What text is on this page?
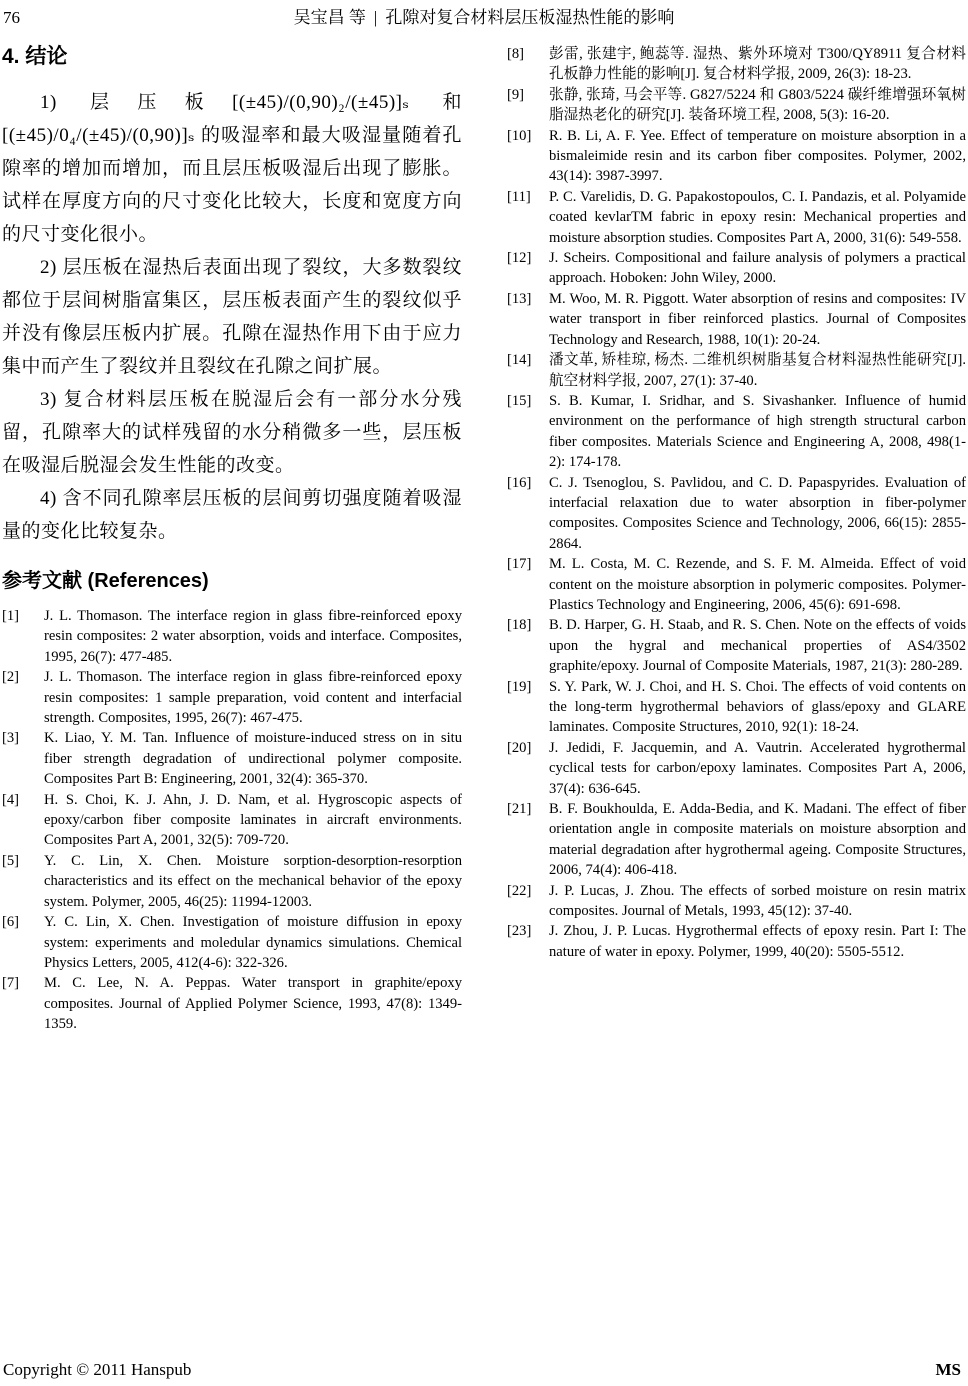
76	吴宝昌 等 | 孔隙对复合材料层压板湿热性能的影响
4. 结论

1) 层压板[(±45)/(0,90)₂/(±45)]ₛ 和[(±45)/0₄/(±45)/(0,90)]ₛ 的吸湿率和最大吸湿量随着孔隙率的增加而增加，而且层压板吸湿后出现了膨胀。试样在厚度方向的尺寸变化比较大，长度和宽度方向的尺寸变化很小。

2) 层压板在湿热后表面出现了裂纹，大多数裂纹都位于层间树脂富集区，层压板表面产生的裂纹似乎并没有像层压板内扩展。孔隙在湿热作用下由于应力集中而产生了裂纹并且裂纹在孔隙之间扩展。

3) 复合材料层压板在脱湿后会有一部分水分残留，孔隙率大的试样残留的水分稍微多一些，层压板在吸湿后脱湿会发生性能的改变。

4) 含不同孔隙率层压板的层间剪切强度随着吸湿量的变化比较复杂。

参考文献 (References)
[1]	J. L. Thomason. The interface region in glass fibre-reinforced epoxy resin composites: 2 water absorption, voids and interface. Composites, 1995, 26(7): 477-485.
[2]	J. L. Thomason. The interface region in glass fibre-reinforced epoxy resin composites: 1 sample preparation, void content and interfacial strength. Composites, 1995, 26(7): 467-475.
[3]	K. Liao, Y. M. Tan. Influence of moisture-induced stress on in situ fiber strength degradation of undirectional polymer composite. Composites Part B: Engineering, 2001, 32(4): 365-370.
[4]	H. S. Choi, K. J. Ahn, J. D. Nam, et al. Hygroscopic aspects of epoxy/carbon fiber composite laminates in aircraft environments. Composites Part A, 2001, 32(5): 709-720.
[5]	Y. C. Lin, X. Chen. Moisture sorption-desorption-resorption characteristics and its effect on the mechanical behavior of the epoxy system. Polymer, 2005, 46(25): 11994-12003.
[6]	Y. C. Lin, X. Chen. Investigation of moisture diffusion in epoxy system: experiments and moledular dynamics simulations. Chemical Physics Letters, 2005, 412(4-6): 322-326.
[7]	M. C. Lee, N. A. Peppas. Water transport in graphite/epoxy composites. Journal of Applied Polymer Science, 1993, 47(8): 1349-1359.
[8]	彭雷, 张建宇, 鲍蕊等. 湿热、紫外环境对 T300/QY8911 复合材料孔板静力性能的影响[J]. 复合材料学报, 2009, 26(3): 18-23.
[9]	张静, 张琦, 马会平等. G827/5224 和 G803/5224 碳纤维增强环氧树脂湿热老化的研究[J]. 装备环境工程, 2008, 5(3): 16-20.
[10]	R. B. Li, A. F. Yee. Effect of temperature on moisture absorption in a bismaleimide resin and its carbon fiber composites. Polymer, 2002, 43(14): 3987-3997.
[11]	P. C. Varelidis, D. G. Papakostopoulos, C. I. Pandazis, et al. Polyamide coated kevlarTM fabric in epoxy resin: Mechanical properties and moisture absorption studies. Composites Part A, 2000, 31(6): 549-558.
[12]	J. Scheirs. Compositional and failure analysis of polymers a practical approach. Hoboken: John Wiley, 2000.
[13]	M. Woo, M. R. Piggott. Water absorption of resins and composites: IV water transport in fiber reinforced plastics. Journal of Composites Technology and Research, 1988, 10(1): 20-24.
[14]	潘文革, 矫桂琼, 杨杰. 二维机织树脂基复合材料湿热性能研究[J]. 航空材料学报, 2007, 27(1): 37-40.
[15]	S. B. Kumar, I. Sridhar, and S. Sivashanker. Influence of humid environment on the performance of high strength structural carbon fiber composites. Materials Science and Engineering A, 2008, 498(1-2): 174-178.
[16]	C. J. Tsenoglou, S. Pavlidou, and C. D. Papaspyrides. Evaluation of interfacial relaxation due to water absorption in fiber-polymer composites. Composites Science and Technology, 2006, 66(15): 2855-2864.
[17]	M. L. Costa, M. C. Rezende, and S. F. M. Almeida. Effect of void content on the moisture absorption in polymeric composites. Polymer-Plastics Technology and Engineering, 2006, 45(6): 691-698.
[18]	B. D. Harper, G. H. Staab, and R. S. Chen. Note on the effects of voids upon the hygral and mechanical properties of AS4/3502 graphite/epoxy. Journal of Composite Materials, 1987, 21(3): 280-289.
[19]	S. Y. Park, W. J. Choi, and H. S. Choi. The effects of void contents on the long-term hygrothermal behaviors of glass/epoxy and GLARE laminates. Composite Structures, 2010, 92(1): 18-24.
[20]	J. Jedidi, F. Jacquemin, and A. Vautrin. Accelerated hygrothermal cyclical tests for carbon/epoxy laminates. Composites Part A, 2006, 37(4): 636-645.
[21]	B. F. Boukhoulda, E. Adda-Bedia, and K. Madani. The effect of fiber orientation angle in composite materials on moisture absorption and material degradation after hygrothermal ageing. Composite Structures, 2006, 74(4): 406-418.
[22]	J. P. Lucas, J. Zhou. The effects of sorbed moisture on resin matrix composites. Journal of Metals, 1993, 45(12): 37-40.
[23]	J. Zhou, J. P. Lucas. Hygrothermal effects of epoxy resin. Part I: The nature of water in epoxy. Polymer, 1999, 40(20): 5505-5512.
Copyright © 2011 Hanspub	MS
